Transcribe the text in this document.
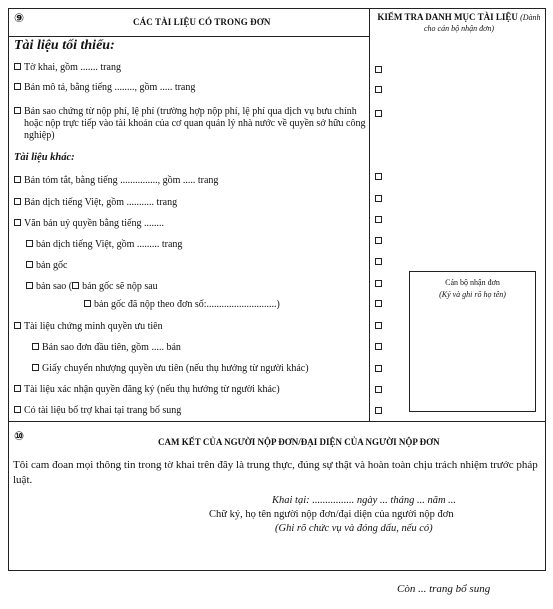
⑨	CÁC TÀI LIỆU CÓ TRONG ĐƠN	KIỂM TRA DANH MỤC TÀI LIỆU (Dành cho cán bộ nhận đơn)
Tài liệu tối thiểu:
Tờ khai, gồm ....... trang
Bản mô tả, bằng tiếng ........, gồm ..... trang
Bản sao chứng từ nộp phí, lệ phí (trường hợp nộp phí, lệ phí qua dịch vụ bưu chính hoặc nộp trực tiếp vào tài khoản của cơ quan quản lý nhà nước về quyền sở hữu công nghiệp)
Tài liệu khác:
Bản tóm tắt, bằng tiếng ..............., gồm ..... trang
Bản dịch tiếng Việt, gồm ........... trang
Văn bản uỷ quyền bằng tiếng ........
bản dịch tiếng Việt, gồm ......... trang
bản gốc
bản sao ( bản gốc sẽ nộp sau
bản gốc đã nộp theo đơn số:............................)
Tài liệu chứng minh quyền ưu tiên
Bản sao đơn đầu tiên, gồm ..... bản
Giấy chuyển nhượng quyền ưu tiên (nếu thụ hưởng từ người khác)
Tài liệu xác nhận quyền đăng ký (nếu thụ hưởng từ người khác)
Có tài liệu bổ trợ khai tại trang bổ sung
Cán bộ nhận đơn
(Ký và ghi rõ họ tên)
⑩	CAM KẾT CỦA NGƯỜI NỘP ĐƠN/ĐẠI DIỆN CỦA NGƯỜI NỘP ĐƠN
Tôi cam đoan mọi thông tin trong tờ khai trên đây là trung thực, đúng sự thật và hoàn toàn chịu trách nhiệm trước pháp luật.
Khai tại: ................ ngày ... tháng ... năm ...
Chữ ký, họ tên người nộp đơn/đại diện của người nộp đơn
(Ghi rõ chức vụ và đóng dấu, nếu có)
Còn ... trang bổ sung
